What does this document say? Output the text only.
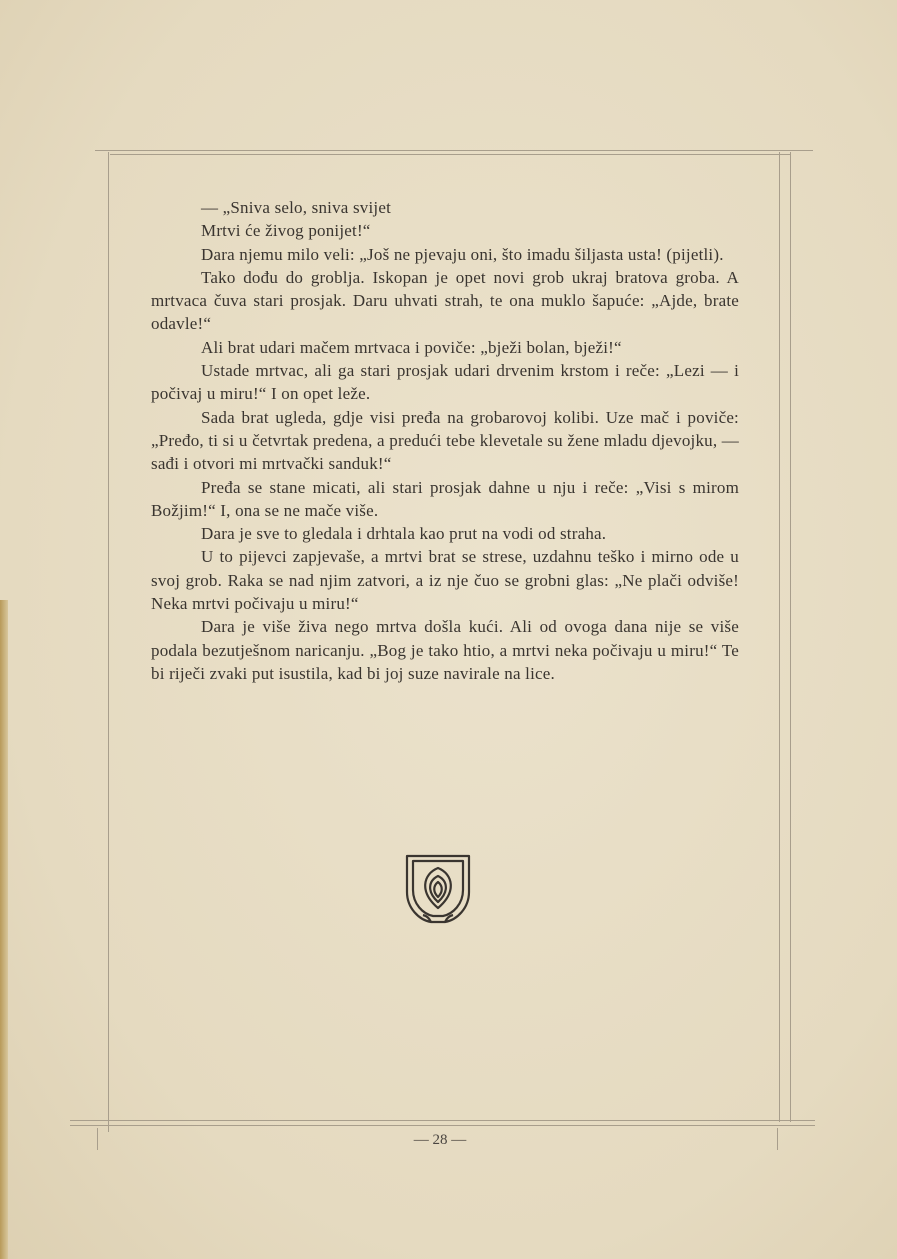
— „Sniva selo, sniva svijet

Mrtvi će živog ponijet!“

Dara njemu milo veli: „Još ne pjevaju oni, što imadu šiljasta usta! (pijetli).

Tako dođu do groblja. Iskopan je opet novi grob ukraj bratova groba. A mrtvaca čuva stari prosjak. Daru uhvati strah, te ona muklo šapuće: „Ajde, brate odavle!“

Ali brat udari mačem mrtvaca i poviče: „bježi bolan, bježi!“

Ustade mrtvac, ali ga stari prosjak udari drvenim krstom i reče: „Lezi — i počivaj u miru!“ I on opet leže.

Sada brat ugleda, gdje visi pređa na grobarovoj kolibi. Uze mač i poviče: „Pređo, ti si u četvrtak predena, a predući tebe klevetale su žene mladu djevojku, — sađi i otvori mi mrtvački sanduk!“

Pređa se stane micati, ali stari prosjak dahne u nju i reče: „Visi s mirom Božjim!“ I, ona se ne mače više.

Dara je sve to gledala i drhtala kao prut na vodi od straha.

U to pijevci zapjevaše, a mrtvi brat se strese, uzdahnu teško i mirno ode u svoj grob. Raka se nad njim zatvori, a iz nje čuo se grobni glas: „Ne plači odviše! Neka mrtvi počivaju u miru!“

Dara je više živa nego mrtva došla kući. Ali od ovoga dana nije se više podala bezutješnom naricanju. „Bog je tako htio, a mrtvi neka počivaju u miru!“ Te bi riječi zvaki put isustila, kad bi joj suze navirale na lice.

— 28 —
